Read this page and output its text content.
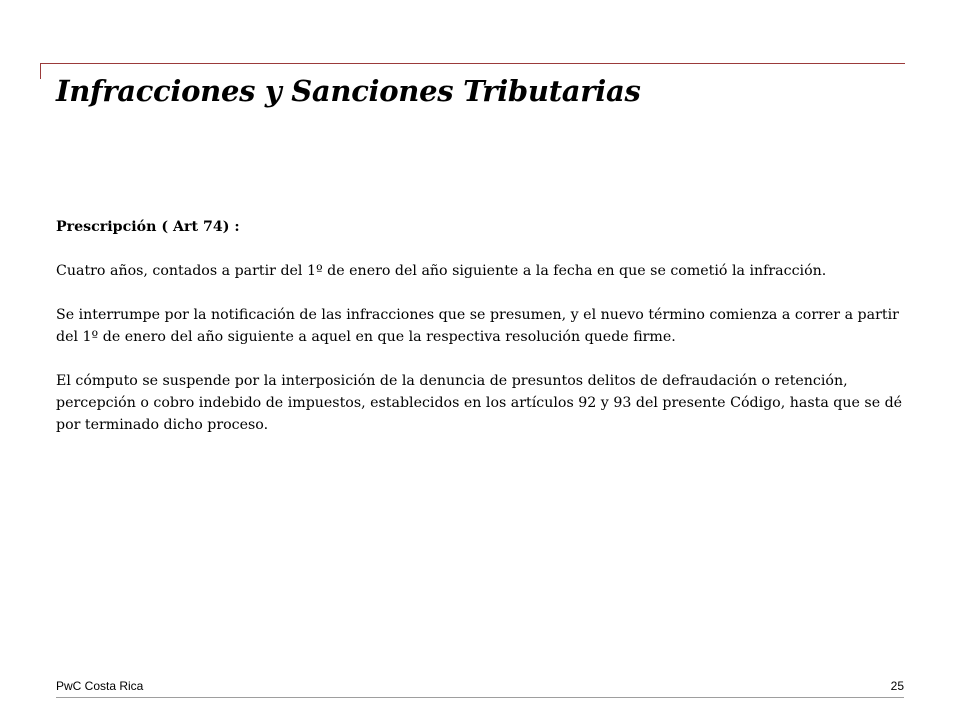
Infracciones y Sanciones Tributarias

Prescripción ( Art 74) :

Cuatro años, contados a partir del 1º de enero del año siguiente a la fecha en que se cometió la infracción.

Se interrumpe por la notificación de las infracciones que se presumen, y el nuevo término comienza a correr a partir del 1º de enero del año siguiente a aquel en que la respectiva resolución quede firme.

El cómputo se suspende por la interposición de la denuncia de presuntos delitos de defraudación o retención, percepción o cobro indebido de impuestos, establecidos en los artículos 92 y 93 del presente Código, hasta que se dé por terminado dicho proceso.

PwC Costa Rica	25
